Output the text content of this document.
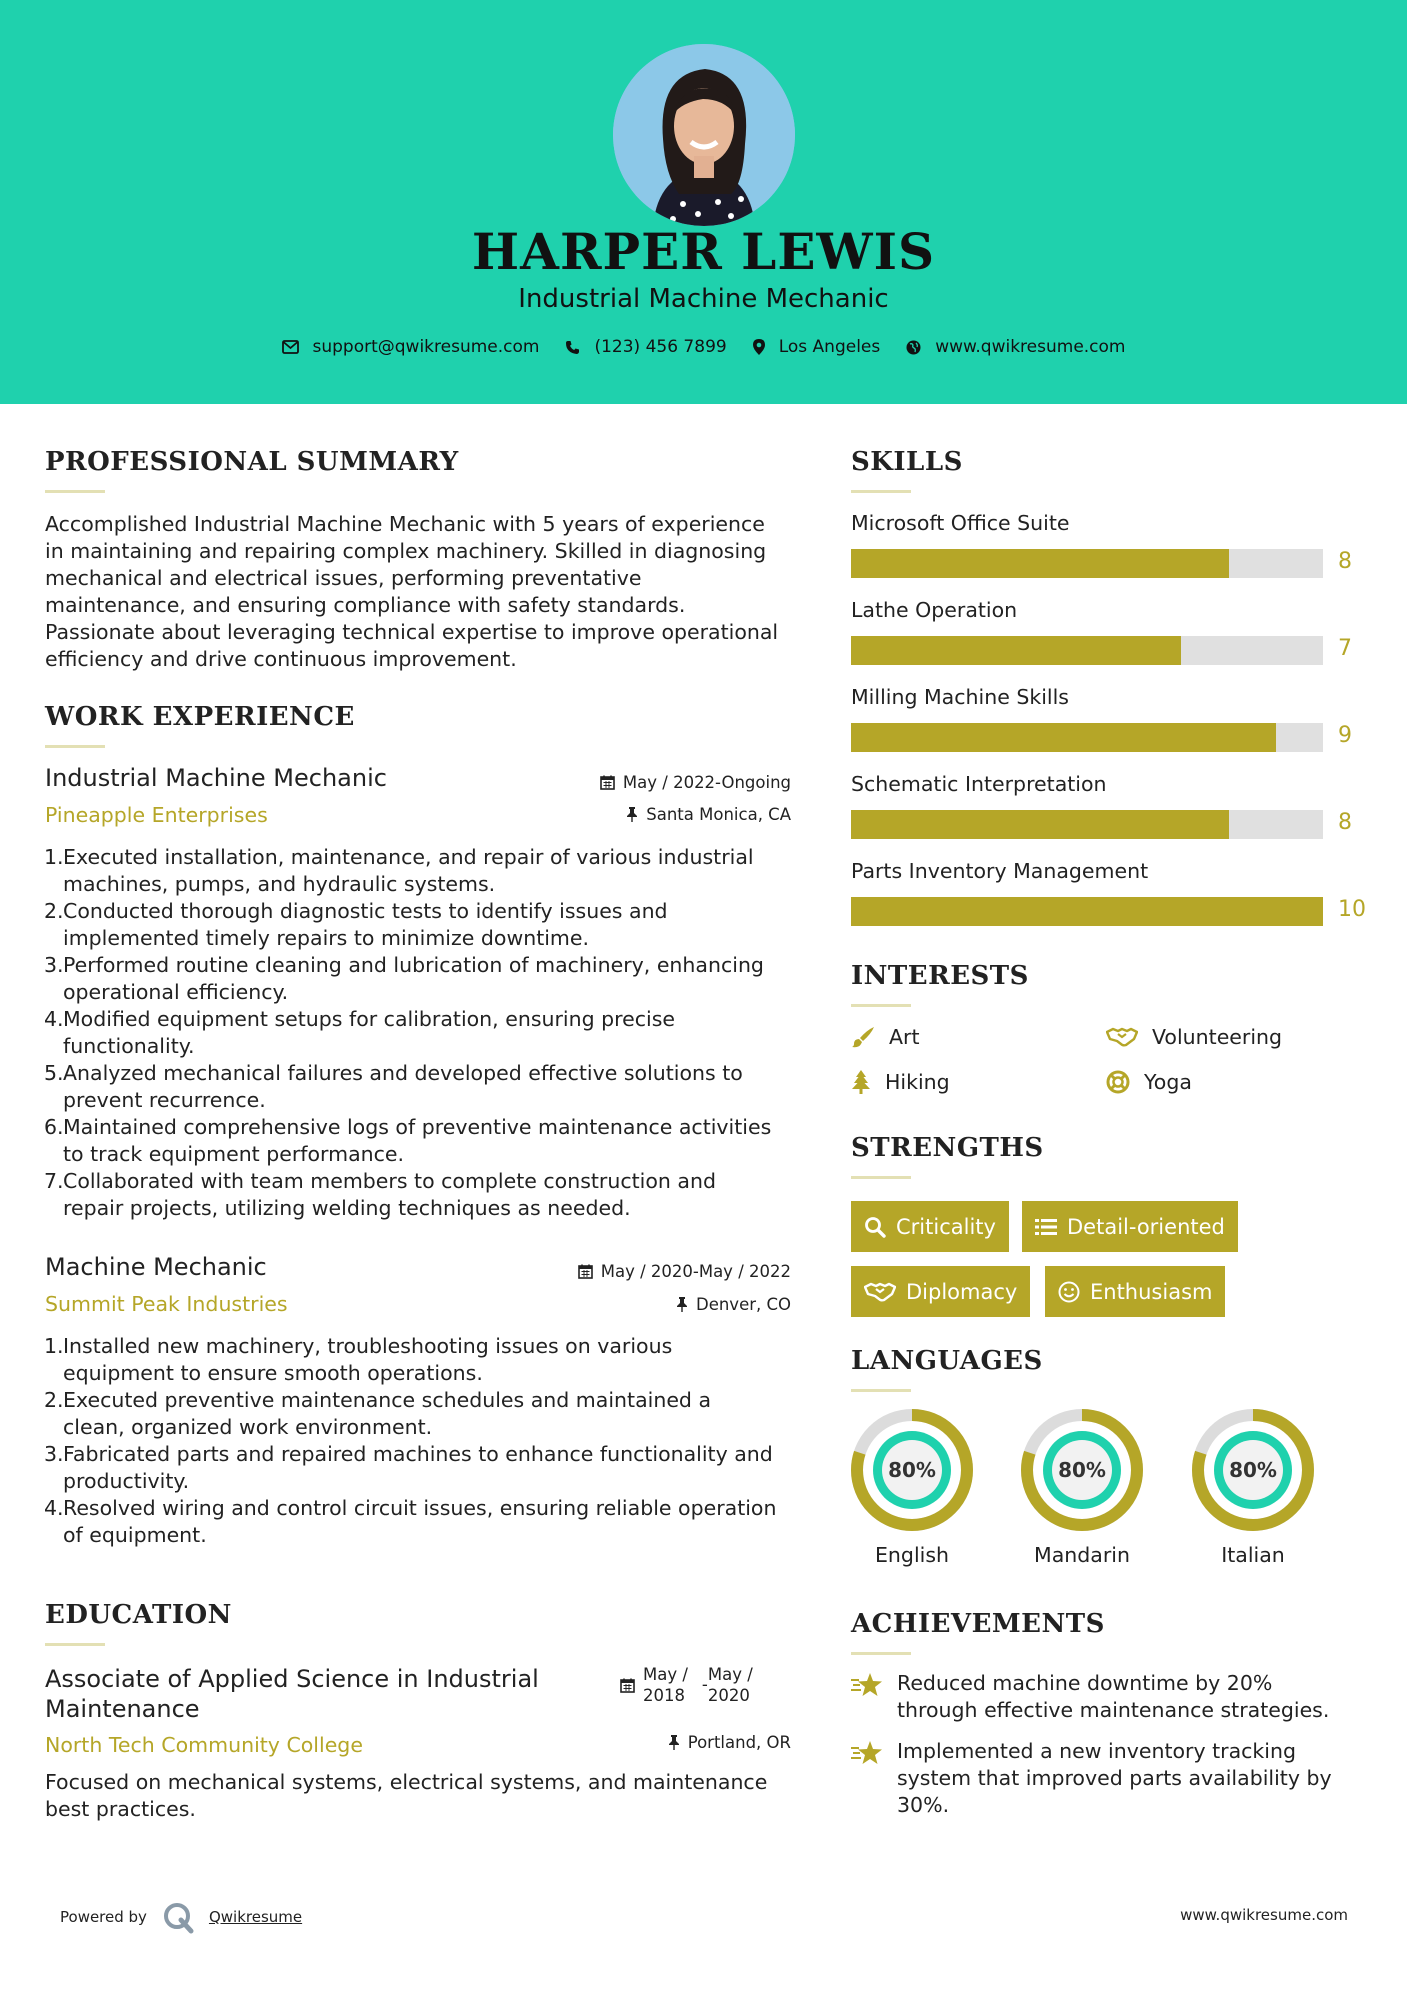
HARPER LEWIS
Industrial Machine Mechanic
support@qwikresume.com	(123) 456 7899	Los Angeles	www.qwikresume.com
PROFESSIONAL SUMMARY
Accomplished Industrial Machine Mechanic with 5 years of experience
in maintaining and repairing complex machinery. Skilled in diagnosing
mechanical and electrical issues, performing preventative
maintenance, and ensuring compliance with safety standards.
Passionate about leveraging technical expertise to improve operational
efficiency and drive continuous improvement.
WORK EXPERIENCE
Industrial Machine Mechanic	May / 2022-Ongoing
Pineapple Enterprises	Santa Monica, CA
1. Executed installation, maintenance, and repair of various industrial
machines, pumps, and hydraulic systems.
2. Conducted thorough diagnostic tests to identify issues and
implemented timely repairs to minimize downtime.
3. Performed routine cleaning and lubrication of machinery, enhancing
operational efficiency.
4. Modified equipment setups for calibration, ensuring precise
functionality.
5. Analyzed mechanical failures and developed effective solutions to
prevent recurrence.
6. Maintained comprehensive logs of preventive maintenance activities
to track equipment performance.
7. Collaborated with team members to complete construction and
repair projects, utilizing welding techniques as needed.
Machine Mechanic	May / 2020-May / 2022
Summit Peak Industries	Denver, CO
1. Installed new machinery, troubleshooting issues on various
equipment to ensure smooth operations.
2. Executed preventive maintenance schedules and maintained a
clean, organized work environment.
3. Fabricated parts and repaired machines to enhance functionality and
productivity.
4. Resolved wiring and control circuit issues, ensuring reliable operation
of equipment.
EDUCATION
Associate of Applied Science in Industrial
Maintenance
May /
2018
-
May /
2020
North Tech Community College	Portland, OR
Focused on mechanical systems, electrical systems, and maintenance
best practices.
SKILLS
Microsoft Office Suite
8
Lathe Operation
7
Milling Machine Skills
9
Schematic Interpretation
8
Parts Inventory Management
10
INTERESTS
Art	Volunteering
Hiking	Yoga
STRENGTHS
Criticality	Detail-oriented
Diplomacy	Enthusiasm
LANGUAGES
80%
English
80%
Mandarin
80%
Italian
ACHIEVEMENTS
Reduced machine downtime by 20%
through effective maintenance strategies.
Implemented a new inventory tracking
system that improved parts availability by
30%.
Powered by	Qwikresume	www.qwikresume.com
